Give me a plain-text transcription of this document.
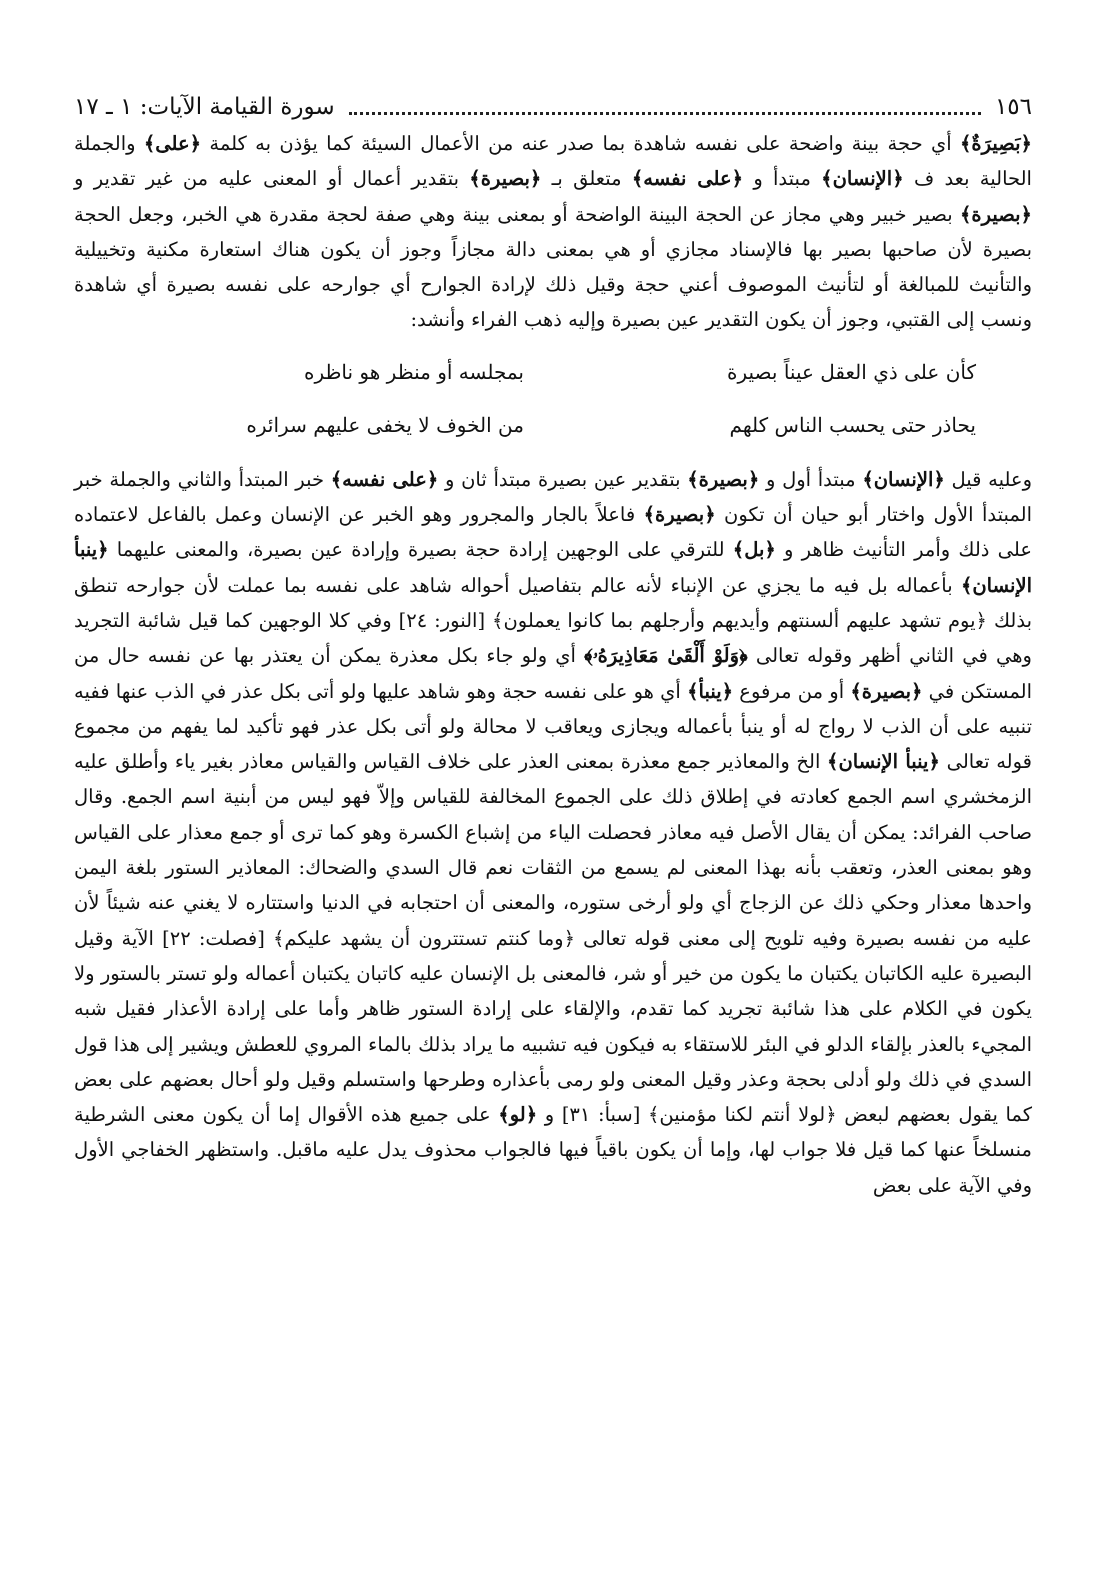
١٥٦
سورة القيامة الآيات: ١ ـ ١٧

﴿بَصِيرَةٌ﴾ أي حجة بينة واضحة على نفسه شاهدة بما صدر عنه من الأعمال السيئة كما يؤذن به كلمة ﴿على﴾ والجملة الحالية بعد ف ﴿الإنسان﴾ مبتدأ و ﴿على نفسه﴾ متعلق بـ ﴿بصيرة﴾ بتقدير أعمال أو المعنى عليه من غير تقدير و ﴿بصيرة﴾ بصير خبير وهي مجاز عن الحجة البينة الواضحة أو بمعنى بينة وهي صفة لحجة مقدرة هي الخبر، وجعل الحجة بصيرة لأن صاحبها بصير بها فالإسناد مجازي أو هي بمعنى دالة مجازاً وجوز أن يكون هناك استعارة مكنية وتخييلية والتأنيث للمبالغة أو لتأنيث الموصوف أعني حجة وقيل ذلك لإرادة الجوارح أي جوارحه على نفسه بصيرة أي شاهدة ونسب إلى القتبي، وجوز أن يكون التقدير عين بصيرة وإليه ذهب الفراء وأنشد:

كأن على ذي العقل عيناً بصيرة
بمجلسه أو منظر هو ناظره
يحاذر حتى يحسب الناس كلهم
من الخوف لا يخفى عليهم سرائره

وعليه قيل ﴿الإنسان﴾ مبتدأ أول و ﴿بصيرة﴾ بتقدير عين بصيرة مبتدأ ثان و ﴿على نفسه﴾ خبر المبتدأ والثاني والجملة خبر المبتدأ الأول واختار أبو حيان أن تكون ﴿بصيرة﴾ فاعلاً بالجار والمجرور وهو الخبر عن الإنسان وعمل بالفاعل لاعتماده على ذلك وأمر التأنيث ظاهر و ﴿بل﴾ للترقي على الوجهين إرادة حجة بصيرة وإرادة عين بصيرة، والمعنى عليهما ﴿ينبأ الإنسان﴾ بأعماله بل فيه ما يجزي عن الإنباء لأنه عالم بتفاصيل أحواله شاهد على نفسه بما عملت لأن جوارحه تنطق بذلك ﴿يوم تشهد عليهم ألسنتهم وأيديهم وأرجلهم بما كانوا يعملون﴾ [النور: ٢٤] وفي كلا الوجهين كما قيل شائبة التجريد وهي في الثاني أظهر وقوله تعالى ﴿وَلَوْ أَلْقَىٰ مَعَاذِيرَهُۥ﴾ أي ولو جاء بكل معذرة يمكن أن يعتذر بها عن نفسه حال من المستكن في ﴿بصيرة﴾ أو من مرفوع ﴿ينبأ﴾ أي هو على نفسه حجة وهو شاهد عليها ولو أتى بكل عذر في الذب عنها ففيه تنبيه على أن الذب لا رواج له أو ينبأ بأعماله ويجازى ويعاقب لا محالة ولو أتى بكل عذر فهو تأكيد لما يفهم من مجموع قوله تعالى ﴿ينبأ الإنسان﴾ الخ والمعاذير جمع معذرة بمعنى العذر على خلاف القياس والقياس معاذر بغير ياء وأطلق عليه الزمخشري اسم الجمع كعادته في إطلاق ذلك على الجموع المخالفة للقياس وإلاّ فهو ليس من أبنية اسم الجمع. وقال صاحب الفرائد: يمكن أن يقال الأصل فيه معاذر فحصلت الياء من إشباع الكسرة وهو كما ترى أو جمع معذار على القياس وهو بمعنى العذر، وتعقب بأنه بهذا المعنى لم يسمع من الثقات نعم قال السدي والضحاك: المعاذير الستور بلغة اليمن واحدها معذار وحكي ذلك عن الزجاج أي ولو أرخى ستوره، والمعنى أن احتجابه في الدنيا واستتاره لا يغني عنه شيئاً لأن عليه من نفسه بصيرة وفيه تلويح إلى معنى قوله تعالى ﴿وما كنتم تستترون أن يشهد عليكم﴾ [فصلت: ٢٢] الآية وقيل البصيرة عليه الكاتبان يكتبان ما يكون من خير أو شر، فالمعنى بل الإنسان عليه كاتبان يكتبان أعماله ولو تستر بالستور ولا يكون في الكلام على هذا شائبة تجريد كما تقدم، والإلقاء على إرادة الستور ظاهر وأما على إرادة الأعذار فقيل شبه المجيء بالعذر بإلقاء الدلو في البئر للاستقاء به فيكون فيه تشبيه ما يراد بذلك بالماء المروي للعطش ويشير إلى هذا قول السدي في ذلك ولو أدلى بحجة وعذر وقيل المعنى ولو رمى بأعذاره وطرحها واستسلم وقيل ولو أحال بعضهم على بعض كما يقول بعضهم لبعض ﴿لولا أنتم لكنا مؤمنين﴾ [سبأ: ٣١] و ﴿لو﴾ على جميع هذه الأقوال إما أن يكون معنى الشرطية منسلخاً عنها كما قيل فلا جواب لها، وإما أن يكون باقياً فيها فالجواب محذوف يدل عليه ماقبل. واستظهر الخفاجي الأول وفي الآية على بعض
